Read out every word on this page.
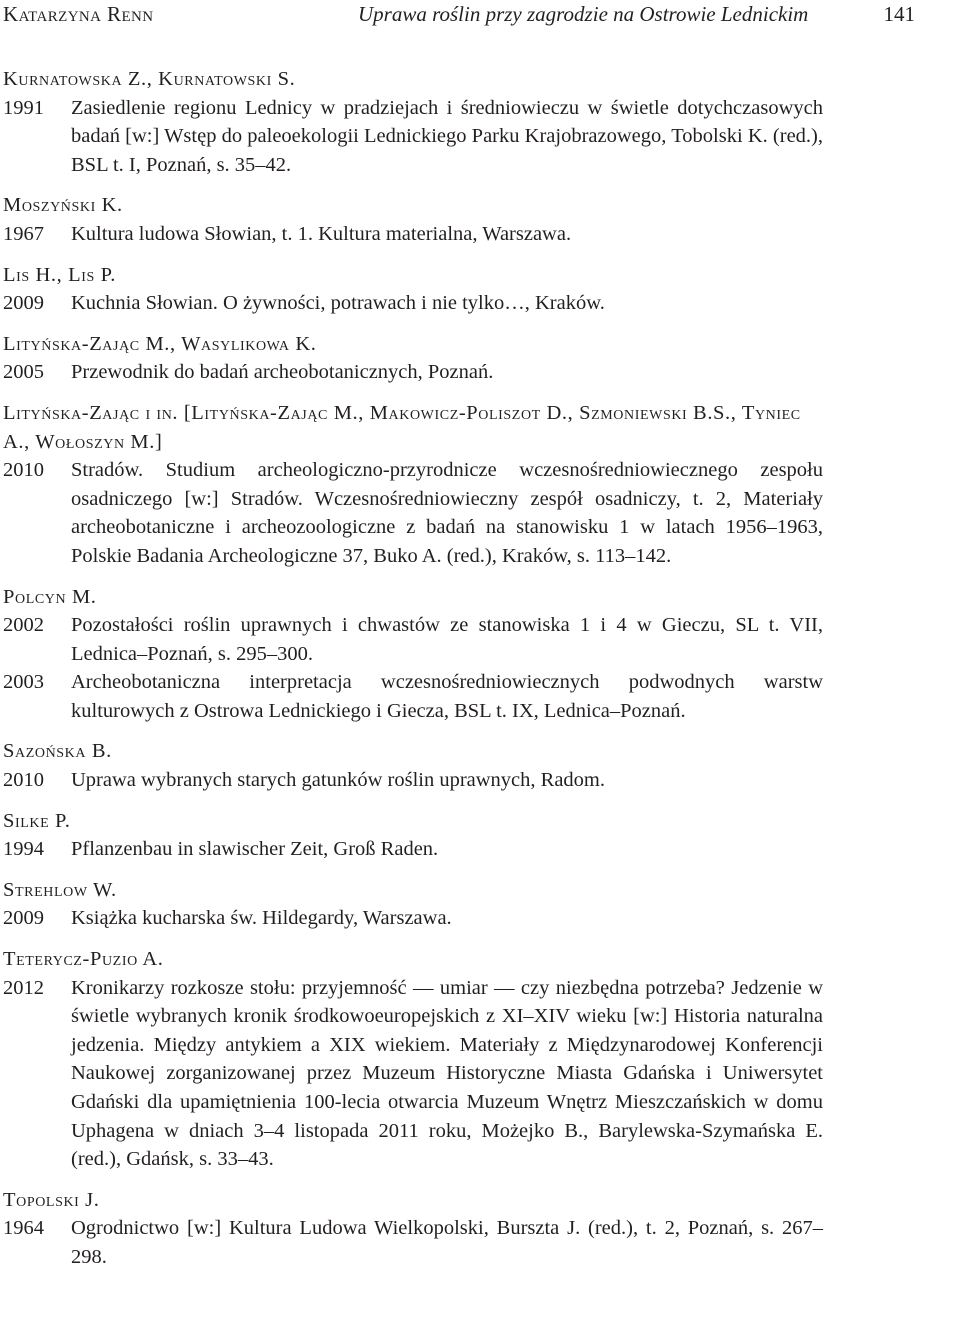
Katarzyna Renn	Uprawa roślin przy zagrodzie na Ostrowie Lednickim	141
Kurnatowska Z., Kurnatowski S.
1991	Zasiedlenie regionu Lednicy w pradziejach i średniowieczu w świetle dotychczasowych badań [w:] Wstęp do paleoekologii Lednickiego Parku Krajobrazowego, Tobolski K. (red.), BSL t. I, Poznań, s. 35–42.
Moszyński K.
1967	Kultura ludowa Słowian, t. 1. Kultura materialna, Warszawa.
Lis H., Lis P.
2009	Kuchnia Słowian. O żywności, potrawach i nie tylko…, Kraków.
Lityńska-Zając M., Wasylikowa K.
2005	Przewodnik do badań archeobotanicznych, Poznań.
Lityńska-Zając i in. [Lityńska-Zając M., Makowicz-Poliszot D., Szmoniewski B.S., Tyniec A., Wołoszyn M.]
2010	Stradów. Studium archeologiczno-przyrodnicze wczesnośredniowiecznego zespołu osadniczego [w:] Stradów. Wczesnośredniowieczny zespół osadniczy, t. 2, Materiały archeobotaniczne i archeozoologiczne z badań na stanowisku 1 w latach 1956–1963, Polskie Badania Archeologiczne 37, Buko A. (red.), Kraków, s. 113–142.
Polcyn M.
2002	Pozostałości roślin uprawnych i chwastów ze stanowiska 1 i 4 w Gieczu, SL t. VII, Lednica–Poznań, s. 295–300.
2003	Archeobotaniczna interpretacja wczesnośredniowiecznych podwodnych warstw kulturowych z Ostrowa Lednickiego i Giecza, BSL t. IX, Lednica–Poznań.
Sazońska B.
2010	Uprawa wybranych starych gatunków roślin uprawnych, Radom.
Silke P.
1994	Pflanzenbau in slawischer Zeit, Groß Raden.
Strehlow W.
2009	Książka kucharska św. Hildegardy, Warszawa.
Teterycz-Puzio A.
2012	Kronikarzy rozkosze stołu: przyjemność — umiar — czy niezbędna potrzeba? Jedzenie w świetle wybranych kronik środkowoeuropejskich z XI–XIV wieku [w:] Historia naturalna jedzenia. Między antykiem a XIX wiekiem. Materiały z Międzynarodowej Konferencji Naukowej zorganizowanej przez Muzeum Historyczne Miasta Gdańska i Uniwersytet Gdański dla upamiętnienia 100-lecia otwarcia Muzeum Wnętrz Mieszczańskich w domu Uphagena w dniach 3–4 listopada 2011 roku, Możejko B., Barylewska-Szymańska E. (red.), Gdańsk, s. 33–43.
Topolski J.
1964	Ogrodnictwo [w:] Kultura Ludowa Wielkopolski, Burszta J. (red.), t. 2, Poznań, s. 267–298.
